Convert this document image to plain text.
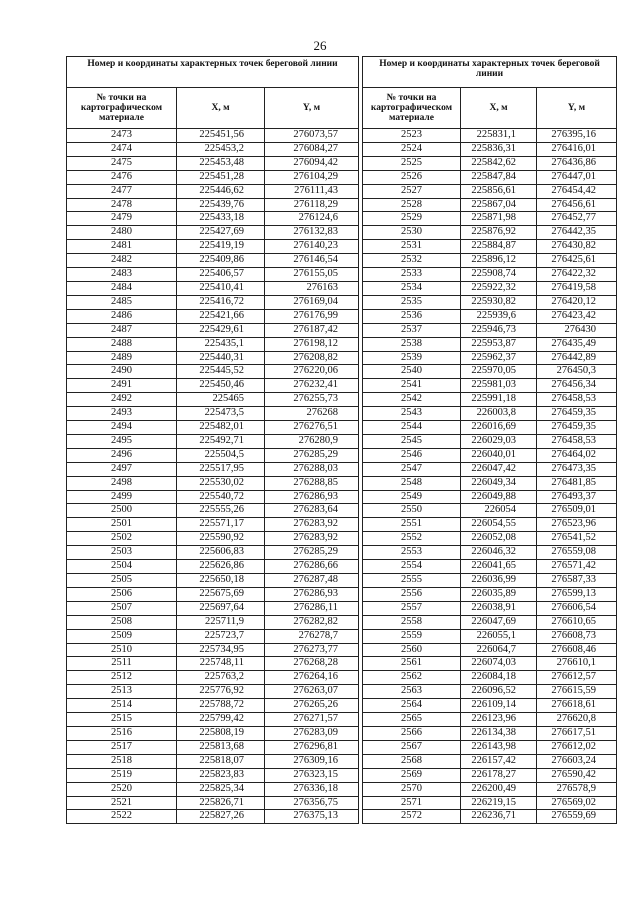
26
Номер и координаты характерных точек береговой линии		
№ точки на картографическом материале	X, м	Y, м
2473	225451,56	276073,57
2474	225453,2	276084,27
2475	225453,48	276094,42
2476	225451,28	276104,29
2477	225446,62	276111,43
2478	225439,76	276118,29
2479	225433,18	276124,6
2480	225427,69	276132,83
2481	225419,19	276140,23
2482	225409,86	276146,54
2483	225406,57	276155,05
2484	225410,41	276163
2485	225416,72	276169,04
2486	225421,66	276176,99
2487	225429,61	276187,42
2488	225435,1	276198,12
2489	225440,31	276208,82
2490	225445,52	276220,06
2491	225450,46	276232,41
2492	225465	276255,73
2493	225473,5	276268
2494	225482,01	276276,51
2495	225492,71	276280,9
2496	225504,5	276285,29
2497	225517,95	276288,03
2498	225530,02	276288,85
2499	225540,72	276286,93
2500	225555,26	276283,64
2501	225571,17	276283,92
2502	225590,92	276283,92
2503	225606,83	276285,29
2504	225626,86	276286,66
2505	225650,18	276287,48
2506	225675,69	276286,93
2507	225697,64	276286,11
2508	225711,9	276282,82
2509	225723,7	276278,7
2510	225734,95	276273,77
2511	225748,11	276268,28
2512	225763,2	276264,16
2513	225776,92	276263,07
2514	225788,72	276265,26
2515	225799,42	276271,57
2516	225808,19	276283,09
2517	225813,68	276296,81
2518	225818,07	276309,16
2519	225823,83	276323,15
2520	225825,34	276336,18
2521	225826,71	276356,75
2522	225827,26	276375,13
Номер и координаты характерных точек береговой линии		
№ точки на картографическом материале	X, м	Y, м
2523	225831,1	276395,16
2524	225836,31	276416,01
2525	225842,62	276436,86
2526	225847,84	276447,01
2527	225856,61	276454,42
2528	225867,04	276456,61
2529	225871,98	276452,77
2530	225876,92	276442,35
2531	225884,87	276430,82
2532	225896,12	276425,61
2533	225908,74	276422,32
2534	225922,32	276419,58
2535	225930,82	276420,12
2536	225939,6	276423,42
2537	225946,73	276430
2538	225953,87	276435,49
2539	225962,37	276442,89
2540	225970,05	276450,3
2541	225981,03	276456,34
2542	225991,18	276458,53
2543	226003,8	276459,35
2544	226016,69	276459,35
2545	226029,03	276458,53
2546	226040,01	276464,02
2547	226047,42	276473,35
2548	226049,34	276481,85
2549	226049,88	276493,37
2550	226054	276509,01
2551	226054,55	276523,96
2552	226052,08	276541,52
2553	226046,32	276559,08
2554	226041,65	276571,42
2555	226036,99	276587,33
2556	226035,89	276599,13
2557	226038,91	276606,54
2558	226047,69	276610,65
2559	226055,1	276608,73
2560	226064,7	276608,46
2561	226074,03	276610,1
2562	226084,18	276612,57
2563	226096,52	276615,59
2564	226109,14	276618,61
2565	226123,96	276620,8
2566	226134,38	276617,51
2567	226143,98	276612,02
2568	226157,42	276603,24
2569	226178,27	276590,42
2570	226200,49	276578,9
2571	226219,15	276569,02
2572	226236,71	276559,69
